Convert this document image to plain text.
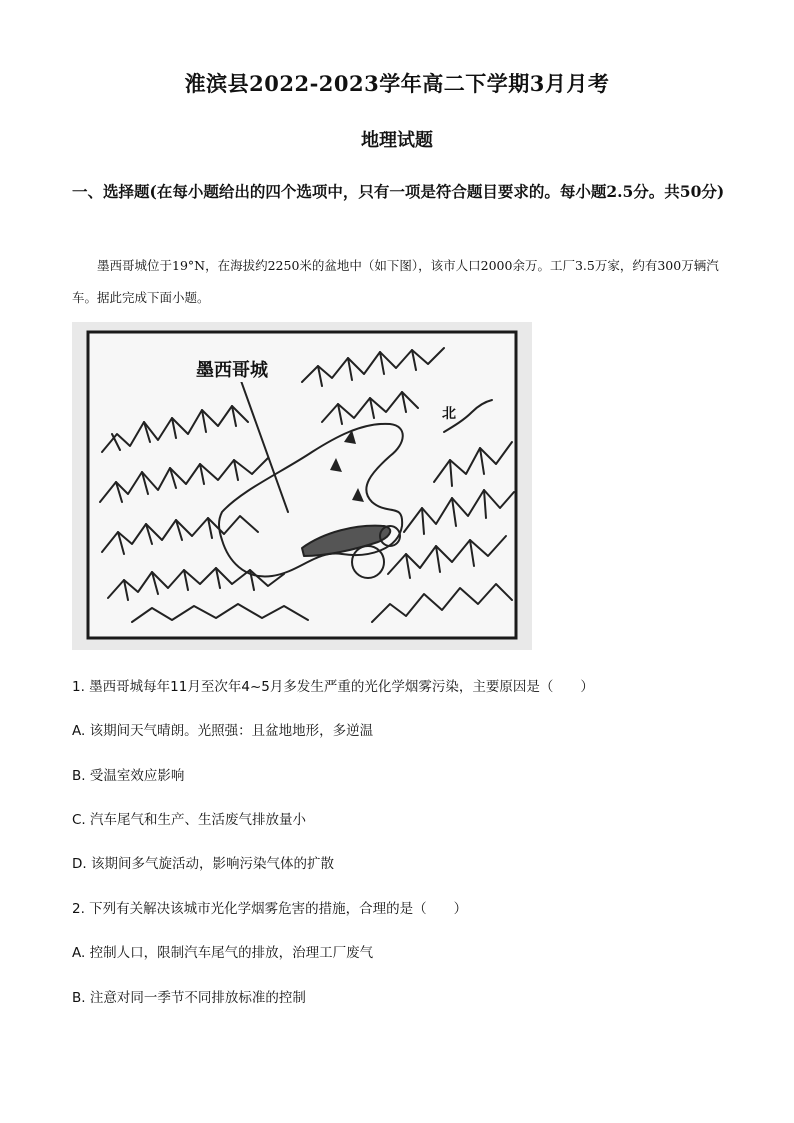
淮滨县2022-2023学年高二下学期3月月考
地理试题
一、选择题(在每小题给出的四个选项中，只有一项是符合题目要求的。每小题2.5分。共50分)
墨西哥城位于19°N，在海拔约2250米的盆地中（如下图），该市人口2000余万。工厂3.5万家，约有300万辆汽车。据此完成下面小题。
墨西哥城
北
1. 墨西哥城每年11月至次年4~5月多发生严重的光化学烟雾污染，主要原因是（　　）
A. 该期间天气晴朗。光照强：且盆地地形，多逆温
B. 受温室效应影响
C. 汽车尾气和生产、生活废气排放量小
D. 该期间多气旋活动，影响污染气体的扩散
2. 下列有关解决该城市光化学烟雾危害的措施，合理的是（　　）
A. 控制人口，限制汽车尾气的排放，治理工厂废气
B. 注意对同一季节不同排放标准的控制
